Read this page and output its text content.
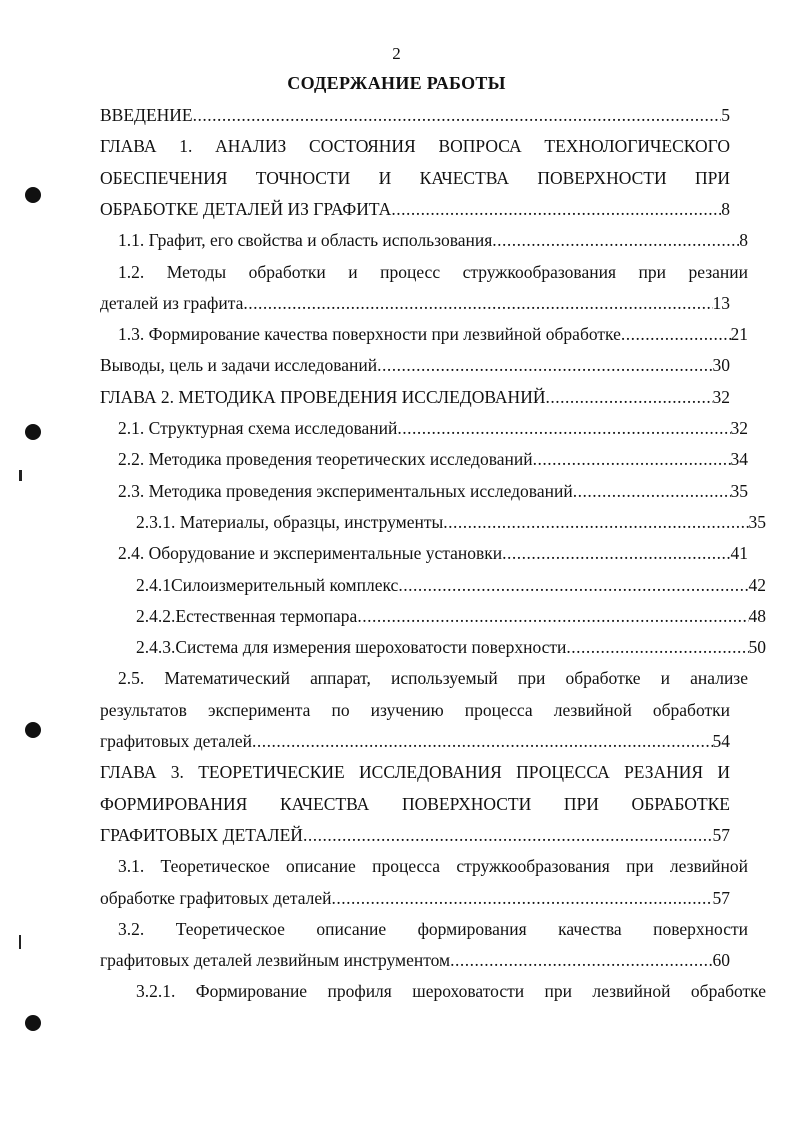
2
СОДЕРЖАНИЕ РАБОТЫ
ВВЕДЕНИЕ .....	5
ГЛАВА 1. АНАЛИЗ СОСТОЯНИЯ ВОПРОСА ТЕХНОЛОГИЧЕСКОГО
ОБЕСПЕЧЕНИЯ ТОЧНОСТИ И КАЧЕСТВА ПОВЕРХНОСТИ ПРИ
ОБРАБОТКЕ ДЕТАЛЕЙ ИЗ ГРАФИТА .....	8
1.1. Графит, его свойства и область использования .....	8
1.2. Методы обработки и процесс стружкообразования при резании
деталей из графита .....	13
1.3. Формирование качества поверхности при лезвийной обработке .....	21
Выводы, цель и задачи исследований .....	30
ГЛАВА 2. МЕТОДИКА ПРОВЕДЕНИЯ ИССЛЕДОВАНИЙ .....	32
2.1. Структурная схема исследований .....	32
2.2. Методика проведения теоретических исследований .....	34
2.3. Методика проведения экспериментальных исследований .....	35
2.3.1. Материалы, образцы, инструменты .....	35
2.4. Оборудование и экспериментальные установки .....	41
2.4.1Силоизмерительный комплекс .....	42
2.4.2.Естественная термопара .....	48
2.4.3.Система для измерения шероховатости поверхности .....	50
2.5. Математический аппарат, используемый при обработке и анализе
результатов эксперимента по изучению процесса лезвийной обработки
графитовых деталей .....	54
ГЛАВА 3. ТЕОРЕТИЧЕСКИЕ ИССЛЕДОВАНИЯ ПРОЦЕССА РЕЗАНИЯ И
ФОРМИРОВАНИЯ КАЧЕСТВА ПОВЕРХНОСТИ ПРИ ОБРАБОТКЕ
ГРАФИТОВЫХ ДЕТАЛЕЙ .....	57
3.1. Теоретическое описание процесса стружкообразования при лезвийной
обработке графитовых деталей .....	57
3.2. Теоретическое описание формирования качества поверхности
графитовых деталей лезвийным инструментом .....	60
3.2.1. Формирование профиля шероховатости при лезвийной обработке
